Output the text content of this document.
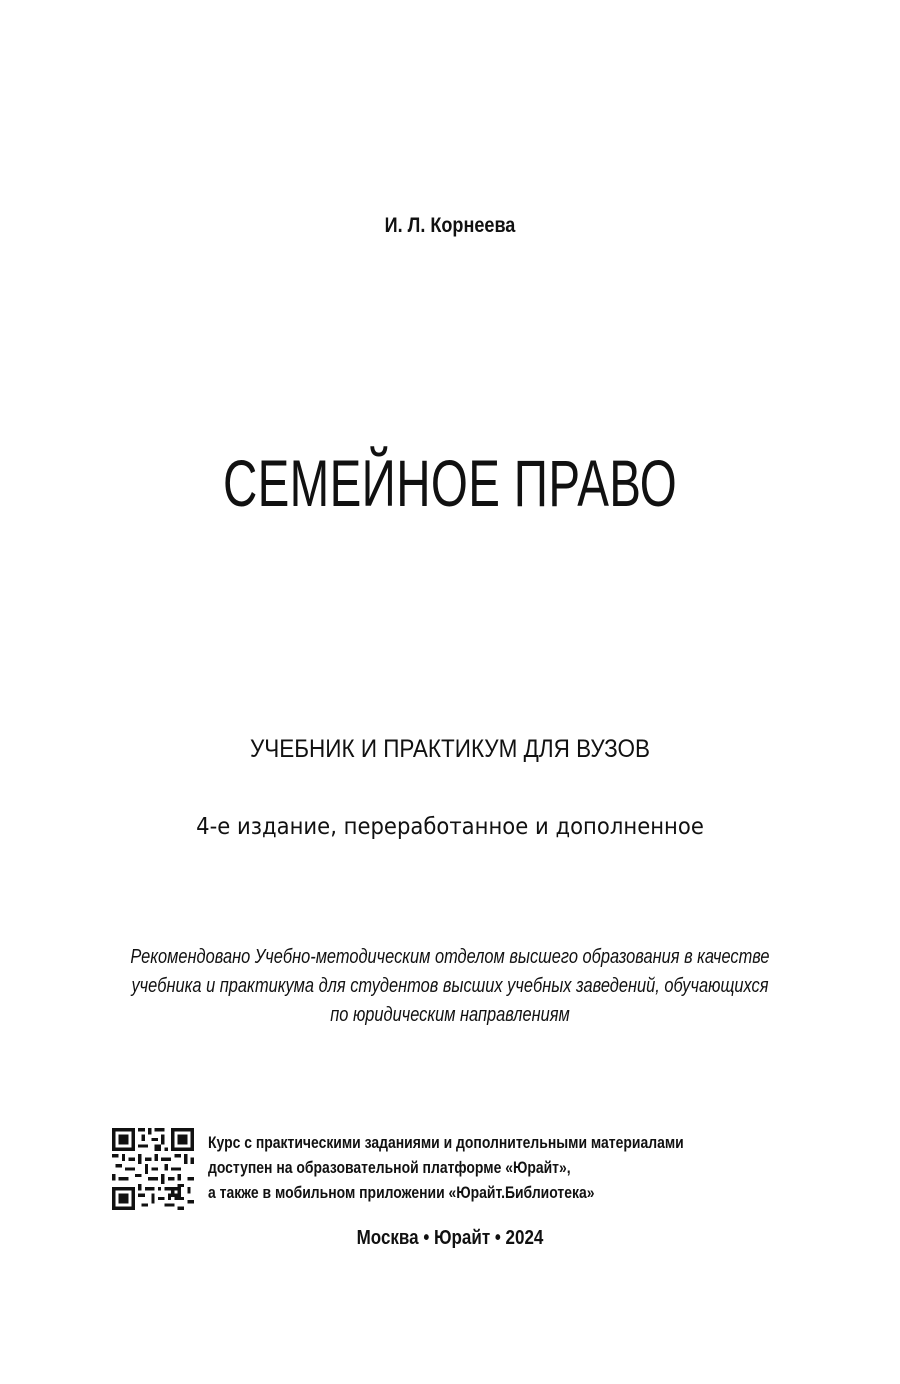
И. Л. Корнеева
СЕМЕЙНОЕ ПРАВО
УЧЕБНИК И ПРАКТИКУМ ДЛЯ ВУЗОВ
4-е издание, переработанное и дополненное
Рекомендовано Учебно-методическим отделом высшего образования в качестве
учебника и практикума для студентов высших учебных заведений, обучающихся
по юридическим направлениям
Курс с практическими заданиями и дополнительными материалами
доступен на образовательной платформе «Юрайт»,
а также в мобильном приложении «Юрайт.Библиотека»
Москва • Юрайт • 2024
